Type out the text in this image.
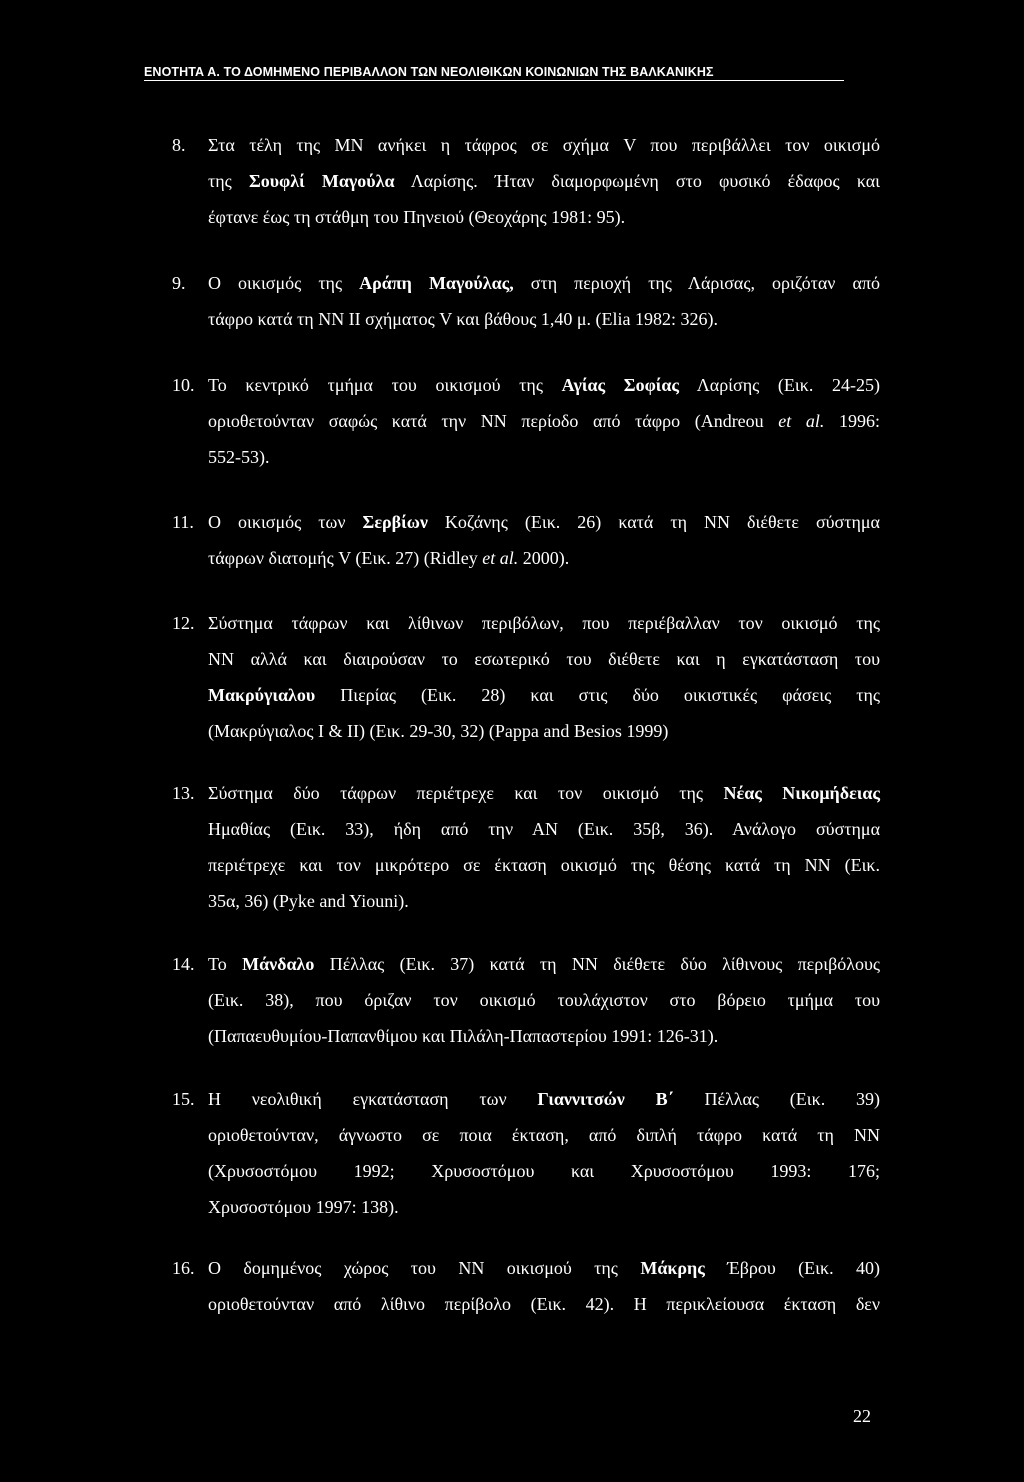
ΕΝΟΤΗΤΑ Α. ΤΟ ΔΟΜΗΜΕΝΟ ΠΕΡΙΒΑΛΛΟΝ ΤΩΝ ΝΕΟΛΙΘΙΚΩΝ ΚΟΙΝΩΝΙΩΝ ΤΗΣ ΒΑΛΚΑΝΙΚΗΣ
8. Στα τέλη της ΜΝ ανήκει η τάφρος σε σχήμα V που περιβάλλει τον οικισμό
της Σουφλί Μαγούλα Λαρίσης. Ήταν διαμορφωμένη στο φυσικό έδαφος και
έφτανε έως τη στάθμη του Πηνειού (Θεοχάρης 1981: 95).
9. Ο οικισμός της Αράπη Μαγούλας, στη περιοχή της Λάρισας, οριζόταν από
τάφρο κατά τη ΝΝ II σχήματος V και βάθους 1,40 μ. (Elia 1982: 326).
10. Το κεντρικό τμήμα του οικισμού της Αγίας Σοφίας Λαρίσης (Εικ. 24-25)
οριοθετούνταν σαφώς κατά την ΝΝ περίοδο από τάφρο (Andreou et al. 1996:
552-53).
11. Ο οικισμός των Σερβίων Κοζάνης (Εικ. 26) κατά τη ΝΝ διέθετε σύστημα
τάφρων διατομής V (Εικ. 27) (Ridley et al. 2000).
12. Σύστημα τάφρων και λίθινων περιβόλων, που περιέβαλλαν τον οικισμό της
ΝΝ αλλά και διαιρούσαν το εσωτερικό του διέθετε και η εγκατάσταση του
Μακρύγιαλου Πιερίας (Εικ. 28) και στις δύο οικιστικές φάσεις της
(Μακρύγιαλος Ι & ΙΙ) (Εικ. 29-30, 32) (Pappa and Besios 1999)
13. Σύστημα δύο τάφρων περιέτρεχε και τον οικισμό της Νέας Νικομήδειας
Ημαθίας (Εικ. 33), ήδη από την ΑΝ (Εικ. 35β, 36). Ανάλογο σύστημα
περιέτρεχε και τον μικρότερο σε έκταση οικισμό της θέσης κατά τη ΝΝ (Εικ.
35α, 36) (Pyke and Yiouni).
14. Το Μάνδαλο Πέλλας (Εικ. 37) κατά τη ΝΝ διέθετε δύο λίθινους περιβόλους
(Εικ. 38), που όριζαν τον οικισμό τουλάχιστον στο βόρειο τμήμα του
(Παπαευθυμίου-Παπανθίμου και Πιλάλη-Παπαστερίου 1991: 126-31).
15. Η νεολιθική εγκατάσταση των Γιαννιτσών Β΄ Πέλλας (Εικ. 39)
οριοθετούνταν, άγνωστο σε ποια έκταση, από διπλή τάφρο κατά τη ΝΝ
(Χρυσοστόμου 1992; Χρυσοστόμου και Χρυσοστόμου 1993: 176;
Χρυσοστόμου 1997: 138).
16. Ο δομημένος χώρος του ΝΝ οικισμού της Μάκρης Έβρου (Εικ. 40)
οριοθετούνταν από λίθινο περίβολο (Εικ. 42). Η περικλείουσα έκταση δεν
22
